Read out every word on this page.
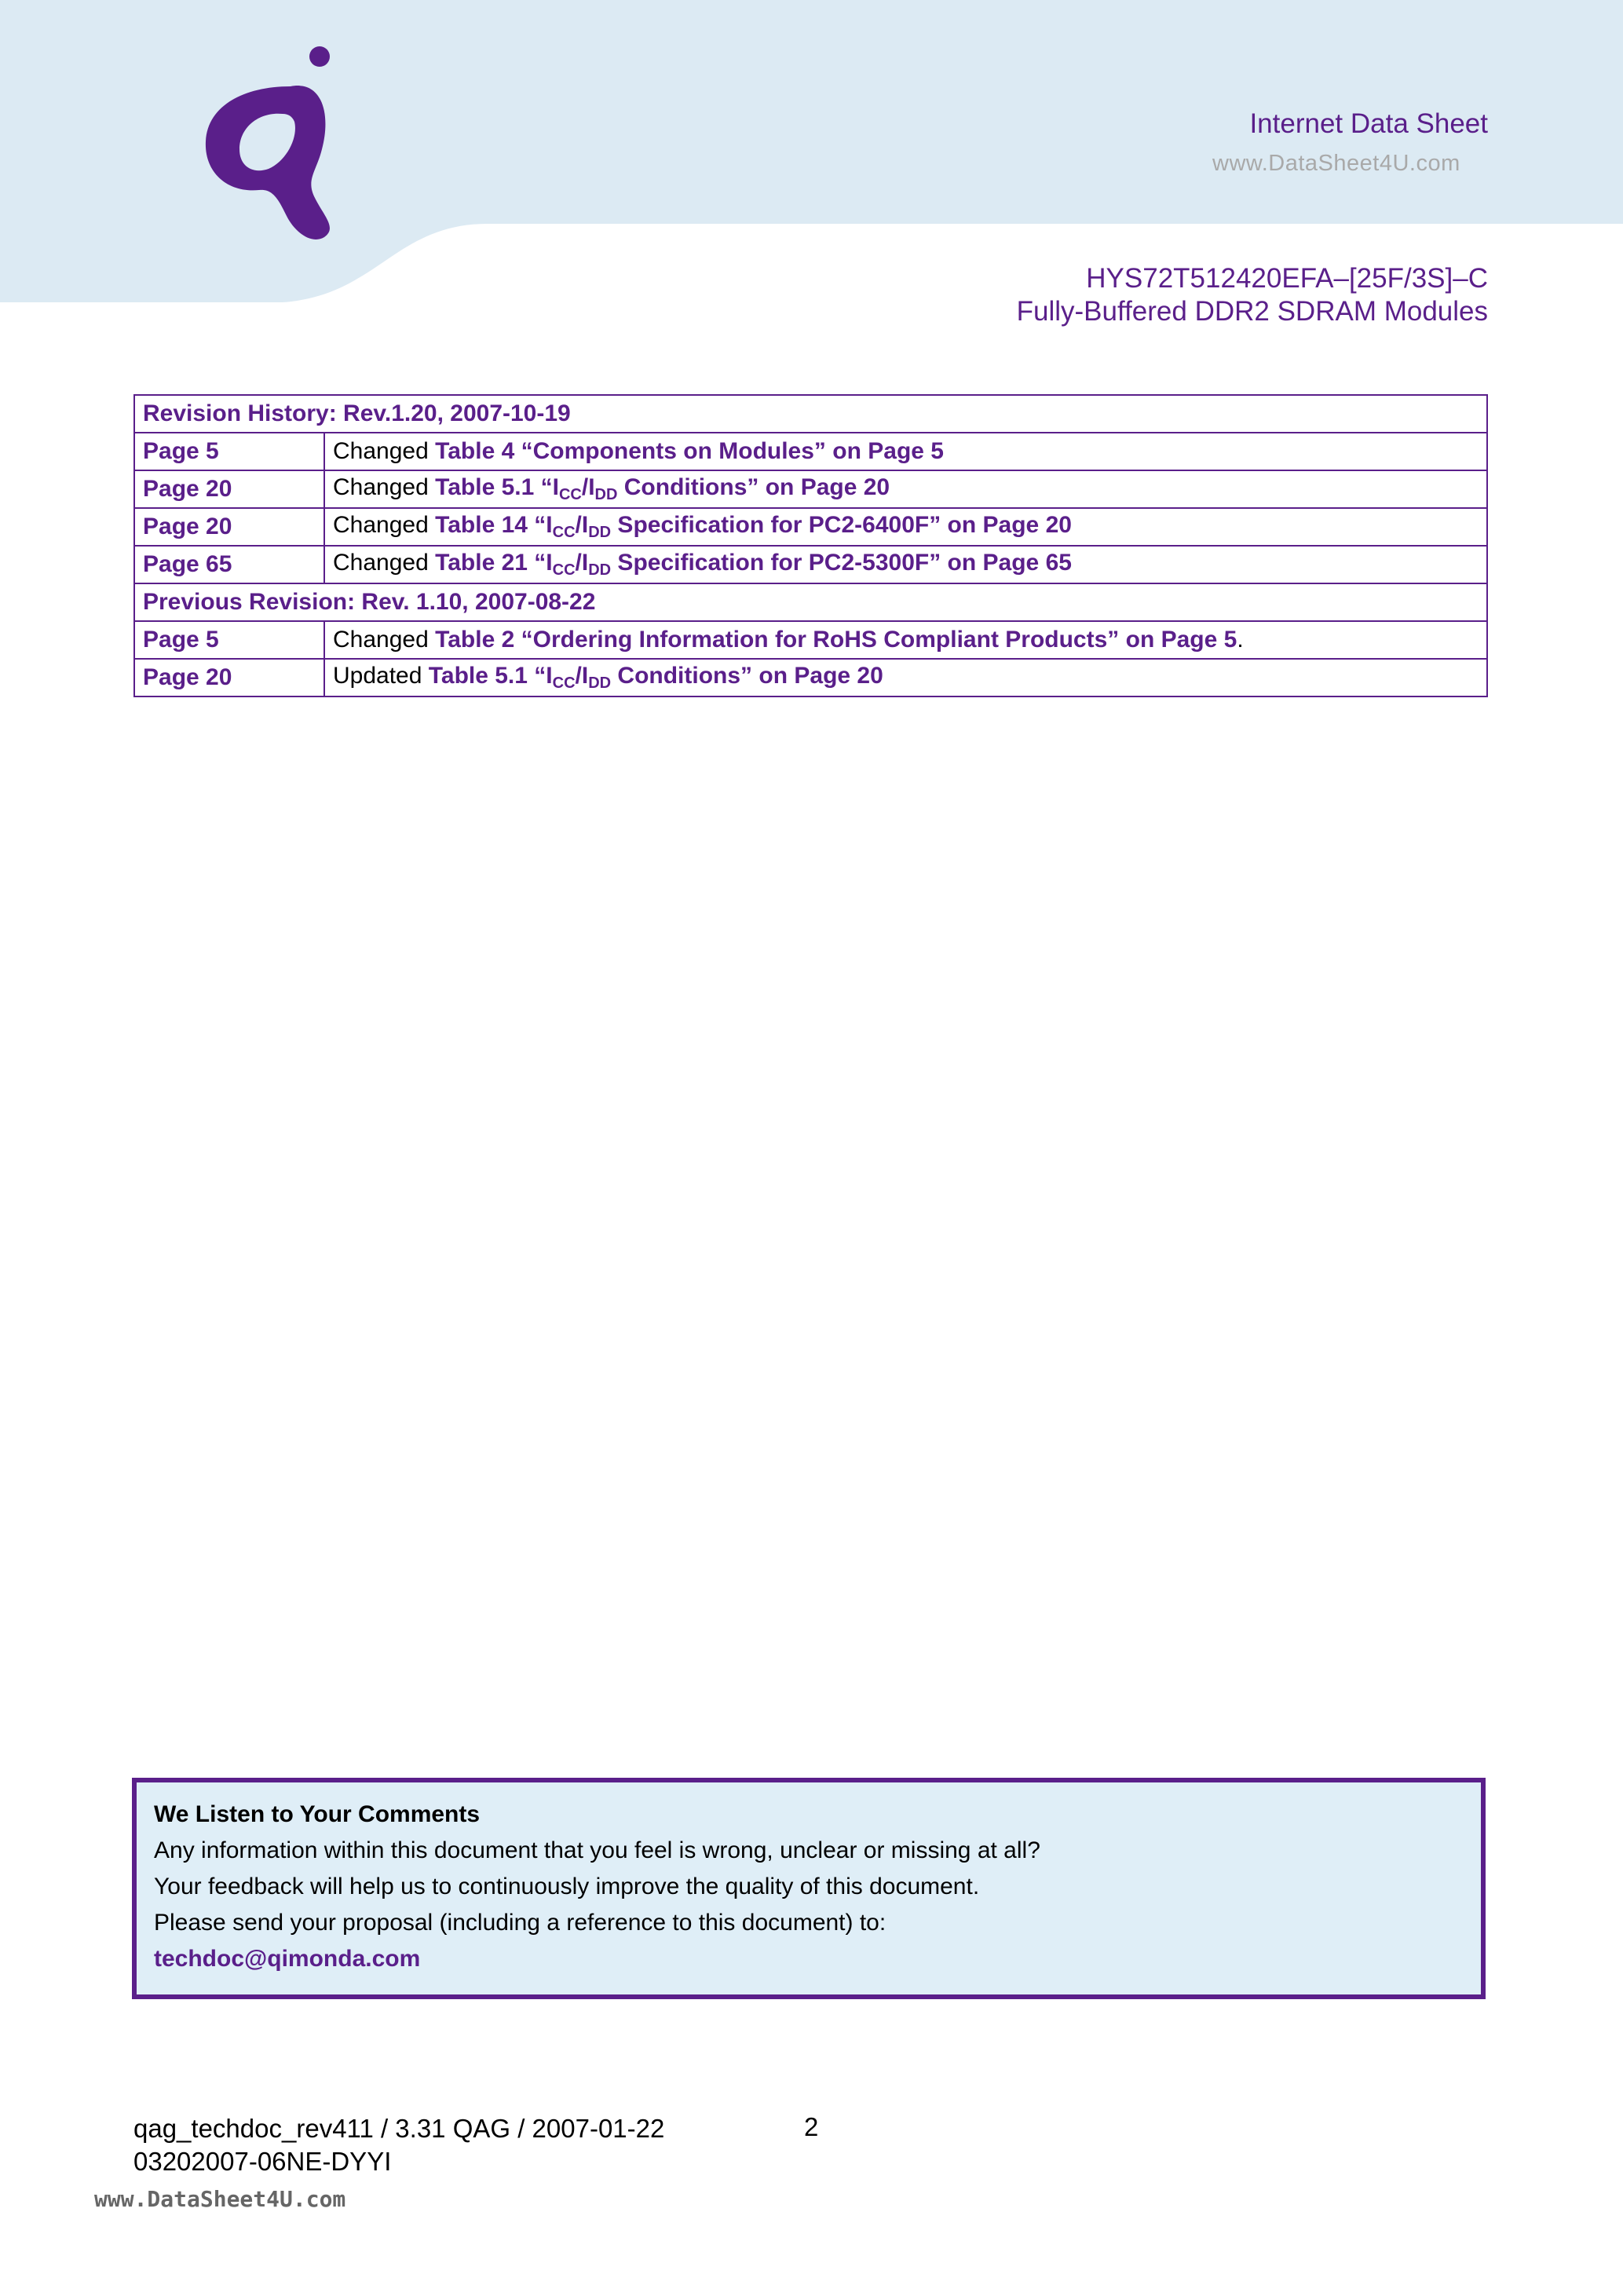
Internet Data Sheet
www.DataSheet4U.com
HYS72T512420EFA–[25F/3S]–C
Fully-Buffered DDR2 SDRAM Modules
Revision History: Rev.1.20, 2007-10-19	
Page 5	Changed Table 4 “Components on Modules” on Page 5
Page 20	Changed Table 5.1 “$I_{CC}/I_{DD}$ Conditions” on Page 20
Page 20	Changed Table 14 “$I_{CC}/I_{DD}$ Specification for PC2-6400F” on Page 20
Page 65	Changed Table 21 “$I_{CC}/I_{DD}$ Specification for PC2-5300F” on Page 65
Previous Revision: Rev. 1.10, 2007-08-22	
Page 5	Changed Table 2 “Ordering Information for RoHS Compliant Products” on Page 5.
Page 20	Updated Table 5.1 “$I_{CC}/I_{DD}$ Conditions” on Page 20
We Listen to Your Comments
Any information within this document that you feel is wrong, unclear or missing at all?
Your feedback will help us to continuously improve the quality of this document.
Please send your proposal (including a reference to this document) to:
techdoc@qimonda.com
qag_techdoc_rev411 / 3.31 QAG / 2007-01-22
03202007-06NE-DYYI
2
www.DataSheet4U.com
